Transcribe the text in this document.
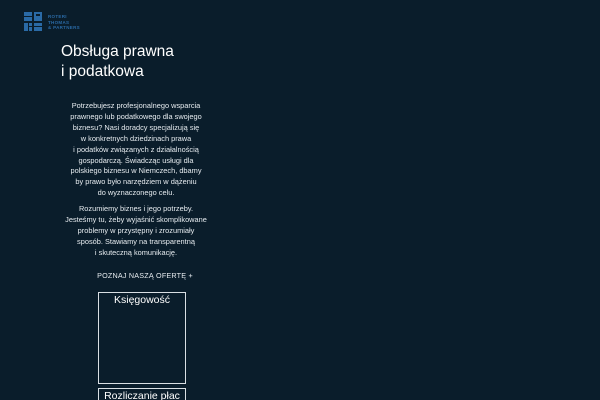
ROTERI
THOMAS
& PARTNERS
Obsługa prawna
i podatkowa
Potrzebujesz profesjonalnego wsparcia
prawnego lub podatkowego dla swojego
biznesu? Nasi doradcy specjalizują się
w konkretnych dziedzinach prawa
i podatków związanych z działalnością
gospodarczą. Świadcząc usługi dla
polskiego biznesu w Niemczech, dbamy
by prawo było narzędziem w dążeniu
do wyznaczonego celu.
Rozumiemy biznes i jego potrzeby.
Jesteśmy tu, żeby wyjaśnić skomplikowane
problemy w przystępny i zrozumiały
sposób. Stawiamy na transparentną
i skuteczną komunikację.
POZNAJ NASZĄ OFERTĘ +
Księgowość
Rozliczanie płac
